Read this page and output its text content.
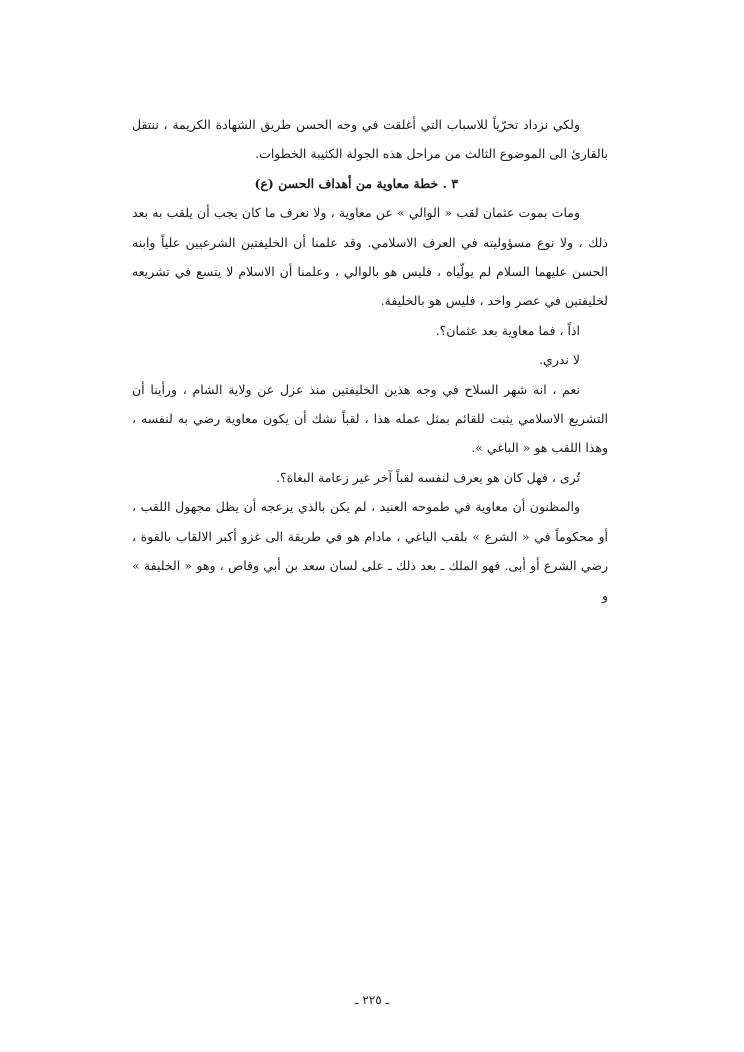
ولكي نزداد تحرّياً للاسباب التي أغلقت في وجه الحسن طريق الشهادة الكريمة ، ننتقل بالقارئ الى الموضوع الثالث من مراحل هذه الجولة الكثيبة الخطوات.

٣ . خطة معاوية من أهداف الحسن (ع)

ومات بموت عثمان لقب « الوالي » عن معاوية ، ولا نعرف ما كان يجب أن يلقب به بعد ذلك ، ولا نوع مسؤوليته في العرف الاسلامي. وقد علمنا أن الخليفتين الشرعيين علياً وابنه الحسن عليهما السلام لم يولّياه ، فليس هو بالوالي ، وعلمنا أن الاسلام لا يتسع في تشريعه لخليفتين في عصر واحد ، فليس هو بالخليفة.

اذاً ، فما معاوية بعد عثمان؟.

لا ندري.

نعم ، انه شهر السلاح في وجه هذين الخليفتين منذ عزل عن ولاية الشام ، ورأينا أن التشريع الاسلامي يثبت للقائم بمثل عمله هذا ، لقباً نشك أن يكون معاوية رضي به لنفسه ، وهذا اللقب هو « الباغي ».

تُرى ، فهل كان هو يعرف لنفسه لقباً آخر غير زعامة البغاة؟.

والمظنون أن معاوية في طموحه العنيد ، لم يكن بالذي يزعجه أن يظل مجهول اللقب ، أو محكوماً في « الشرع » بلقب الباغي ، مادام هو في طريقة الى غزو أكبر الالقاب بالقوة ، رضي الشرع أو أبى. فهو الملك ـ بعد ذلك ـ على لسان سعد بن أبي وقاص ، وهو « الخليفة » و

ـ ٢٢٥ ـ
